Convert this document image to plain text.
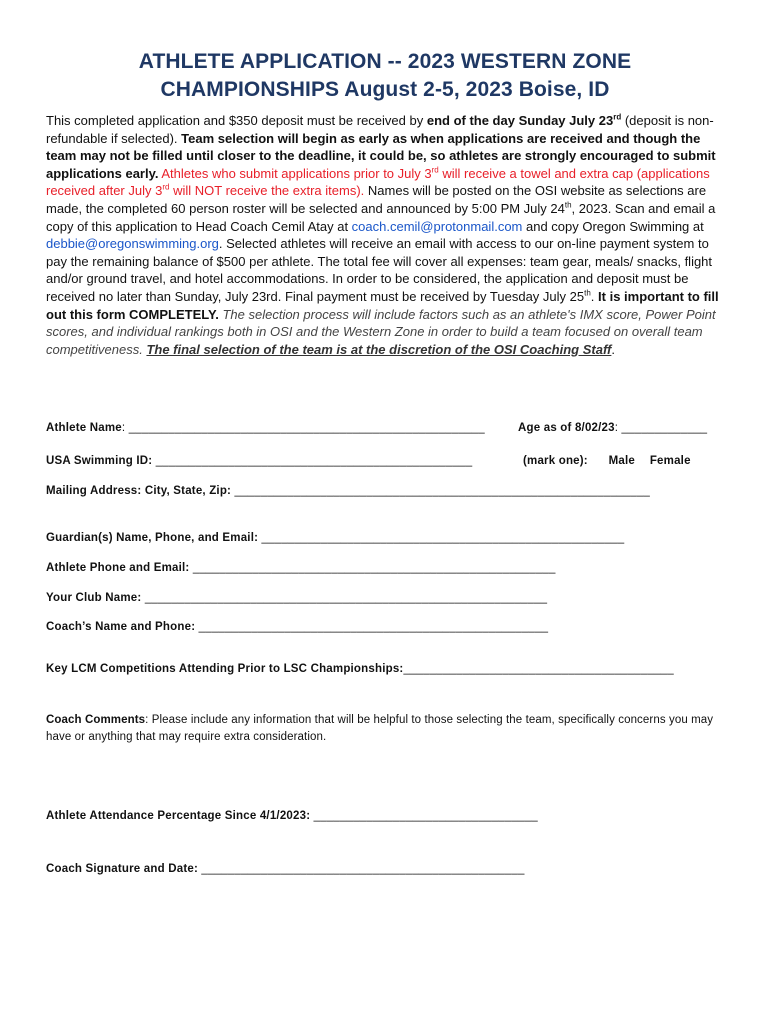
ATHLETE APPLICATION -- 2023 WESTERN ZONE
CHAMPIONSHIPS August 2-5, 2023 Boise, ID

This completed application and $350 deposit must be received by end of the day Sunday July 23rd (deposit is non-refundable if selected). Team selection will begin as early as when applications are received and though the team may not be filled until closer to the deadline, it could be, so athletes are strongly encouraged to submit applications early. Athletes who submit applications prior to July 3rd will receive a towel and extra cap (applications received after July 3rd will NOT receive the extra items). Names will be posted on the OSI website as selections are made, the completed 60 person roster will be selected and announced by 5:00 PM July 24th, 2023. Scan and email a copy of this application to Head Coach Cemil Atay at coach.cemil@protonmail.com and copy Oregon Swimming at debbie@oregonswimming.org. Selected athletes will receive an email with access to our on-line payment system to pay the remaining balance of $500 per athlete. The total fee will cover all expenses: team gear, meals/ snacks, flight and/or ground travel, and hotel accommodations. In order to be considered, the application and deposit must be received no later than Sunday, July 23rd. Final payment must be received by Tuesday July 25th. It is important to fill out this form COMPLETELY. The selection process will include factors such as an athlete's IMX score, Power Point scores, and individual rankings both in OSI and the Western Zone in order to build a team focused on overall team competitiveness. The final selection of the team is at the discretion of the OSI Coaching Staff.

Athlete Name: ______________________________________________________	Age as of 8/02/23: _____________
USA Swimming ID: ________________________________________________	(mark one): Male Female
Mailing Address: City, State, Zip: _______________________________________________________________
Guardian(s) Name, Phone, and Email: _______________________________________________________
Athlete Phone and Email: _______________________________________________________
Your Club Name: _____________________________________________________________
Coach’s Name and Phone: _____________________________________________________
Key LCM Competitions Attending Prior to LSC Championships:_________________________________________
Coach Comments: Please include any information that will be helpful to those selecting the team, specifically concerns you may have or anything that may require extra consideration.
Athlete Attendance Percentage Since 4/1/2023: __________________________________
Coach Signature and Date: _________________________________________________
